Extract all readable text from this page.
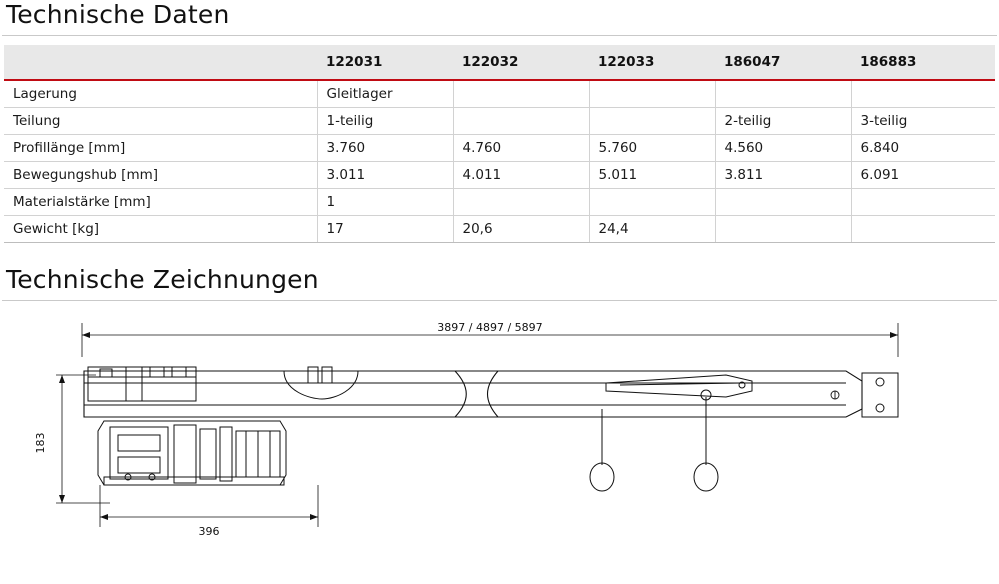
Technische Daten
	122031	122032	122033	186047	186883
Lagerung	Gleitlager				
Teilung	1-teilig			2-teilig	3-teilig
Profillänge [mm]	3.760	4.760	5.760	4.560	6.840
Bewegungshub [mm]	3.011	4.011	5.011	3.811	6.091
Materialstärke [mm]	1				
Gewicht [kg]	17	20,6	24,4		
Technische Zeichnungen
3897 / 4897 / 5897
183
396
